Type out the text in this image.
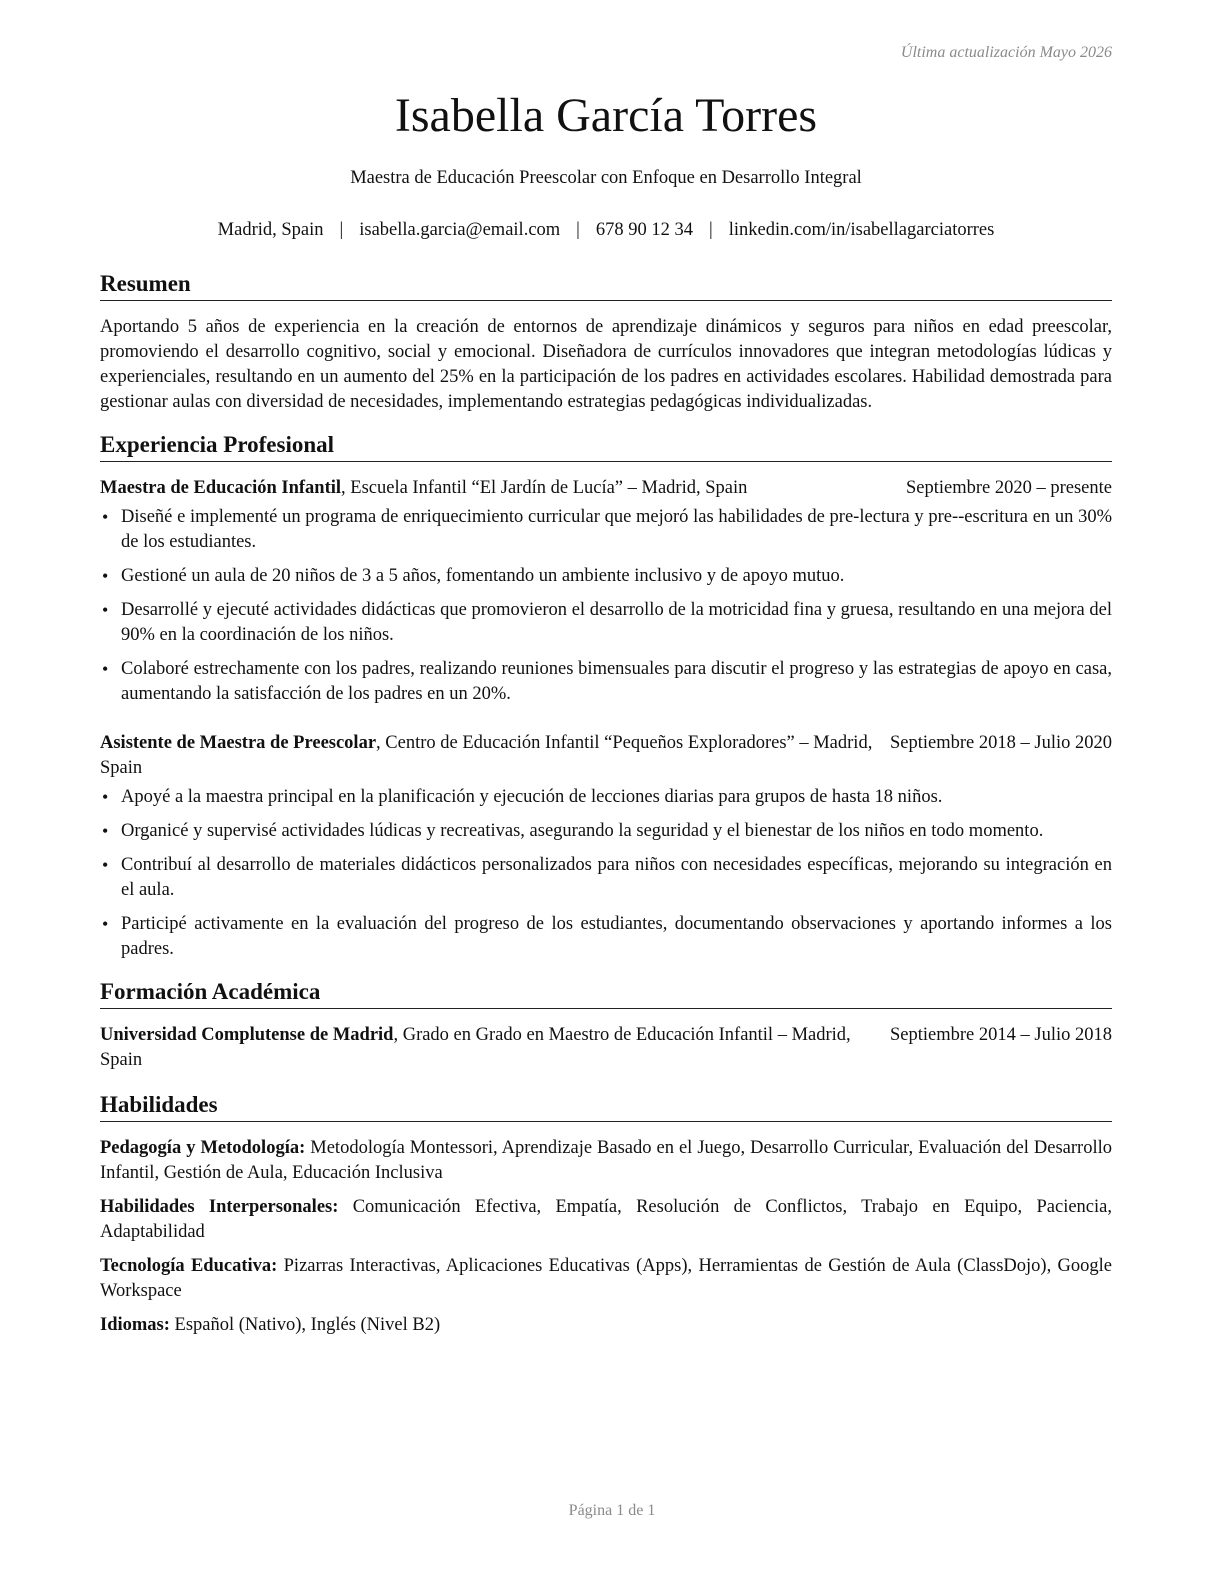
Última actualización Mayo 2026
Isabella García Torres
Maestra de Educación Preescolar con Enfoque en Desarrollo Integral
Madrid, Spain | isabella.garcia@email.com | 678 90 12 34 | linkedin.com/in/isabellagarciatorres
Resumen

Aportando 5 años de experiencia en la creación de entornos de aprendizaje dinámicos y seguros para niños en edad preescolar, promoviendo el desarrollo cognitivo, social y emocional. Diseñadora de currículos innovadores que integran metodologías lúdicas y experienciales, resultando en un aumento del 25% en la participación de los padres en actividades escolares. Habilidad demostrada para gestionar aulas con diversidad de necesidades, implementando estrategias pedagógicas individualizadas.

Experiencia Profesional
Maestra de Educación Infantil, Escuela Infantil “El Jardín de Lucía” – Madrid, Spain	Septiembre 2020 – presente
• Diseñé e implementé un programa de enriquecimiento curricular que mejoró las habilidades de pre-lectura y pre--escritura en un 30% de los estudiantes.
• Gestioné un aula de 20 niños de 3 a 5 años, fomentando un ambiente inclusivo y de apoyo mutuo.
• Desarrollé y ejecuté actividades didácticas que promovieron el desarrollo de la motricidad fina y gruesa, resultando en una mejora del 90% en la coordinación de los niños.
• Colaboré estrechamente con los padres, realizando reuniones bimensuales para discutir el progreso y las estrategias de apoyo en casa, aumentando la satisfacción de los padres en un 20%.
Asistente de Maestra de Preescolar, Centro de Educación Infantil “Pequeños Exploradores” – Madrid, Spain
Septiembre 2018 – Julio 2020
• Apoyé a la maestra principal en la planificación y ejecución de lecciones diarias para grupos de hasta 18 niños.
• Organicé y supervisé actividades lúdicas y recreativas, asegurando la seguridad y el bienestar de los niños en todo momento.
• Contribuí al desarrollo de materiales didácticos personalizados para niños con necesidades específicas, mejorando su integración en el aula.
• Participé activamente en la evaluación del progreso de los estudiantes, documentando observaciones y aportando informes a los padres.
Formación Académica
Universidad Complutense de Madrid, Grado en Grado en Maestro de Educación Infantil – Madrid, Spain
Septiembre 2014 – Julio 2018
Habilidades
Pedagogía y Metodología: Metodología Montessori, Aprendizaje Basado en el Juego, Desarrollo Curricular, Evaluación del Desarrollo Infantil, Gestión de Aula, Educación Inclusiva
Habilidades Interpersonales: Comunicación Efectiva, Empatía, Resolución de Conflictos, Trabajo en Equipo, Paciencia, Adaptabilidad
Tecnología Educativa: Pizarras Interactivas, Aplicaciones Educativas (Apps), Herramientas de Gestión de Aula (ClassDojo), Google Workspace
Idiomas: Español (Nativo), Inglés (Nivel B2)
Página 1 de 1
